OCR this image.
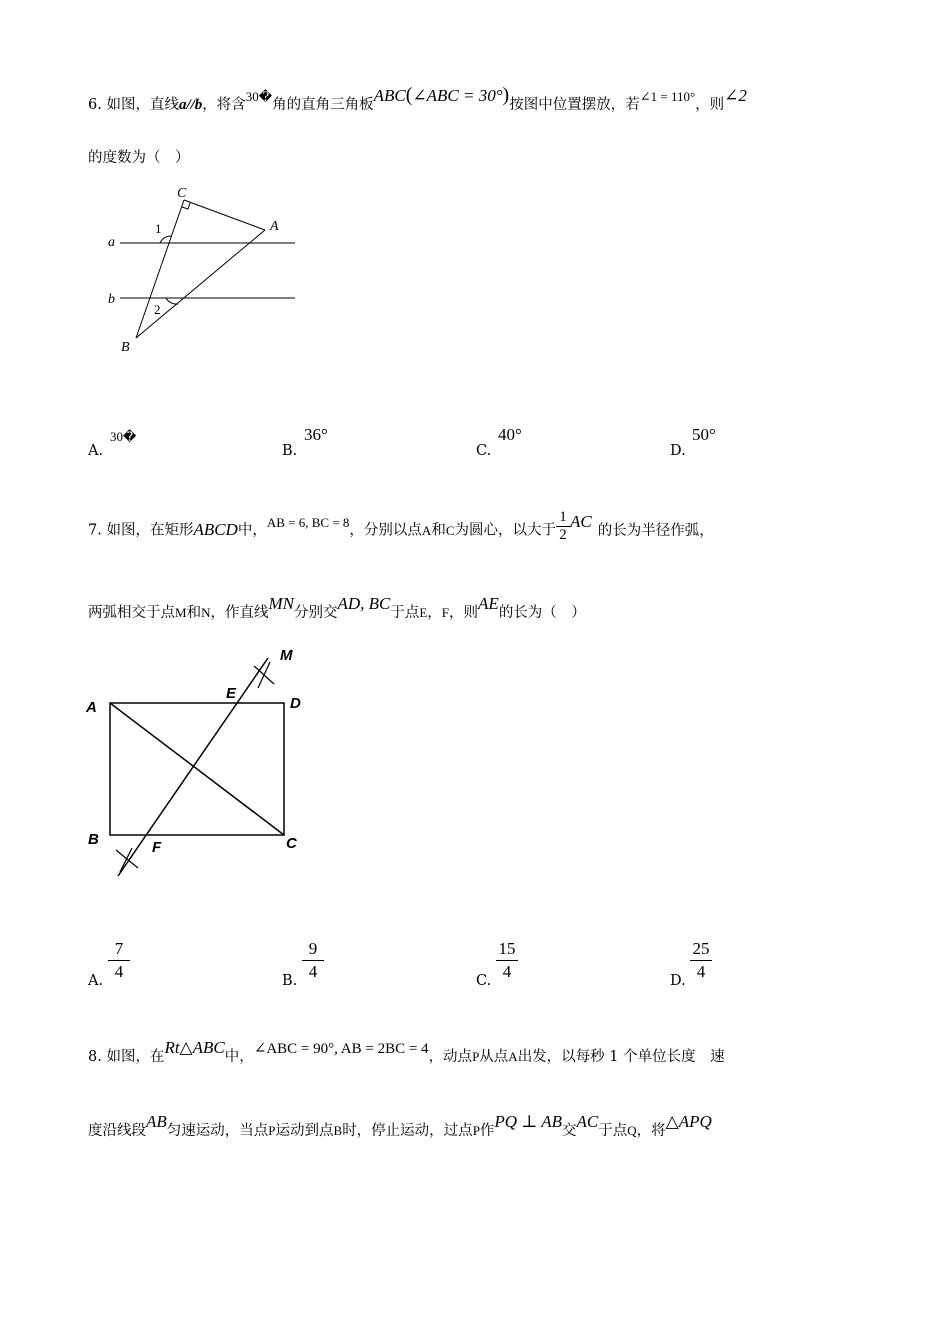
6. 如图，直线a//b，将含30�角的直角三角板ABC(∠ABC = 30°)按图中位置摆放，若∠1 = 110°，则∠2
的度数为（　）
C
A
B
a
b
1
2
A.
30�
B.
36°
C.
40°
D.
50°
7. 如图，在矩形ABCD中，AB = 6, BC = 8，分别以点A和C为圆心，以大于 $\frac{1}{2}$ AC 的长为半径作弧，
两弧相交于点M和N，作直线MN分别交AD, BC于点E，F，则AE的长为（　）
M
E
D
A
B	F	C
A.
7
4	B.
9
4	C.
15
4	D.
25
4
8. 如图，在Rt△ABC中，∠ABC = 90°, AB = 2BC = 4，动点P从点A出发，以每秒 1 个单位长度　速
度沿线段AB匀速运动，当点P运动到点B时，停止运动，过点P作PQ ⊥ AB交AC于点Q，将△APQ
